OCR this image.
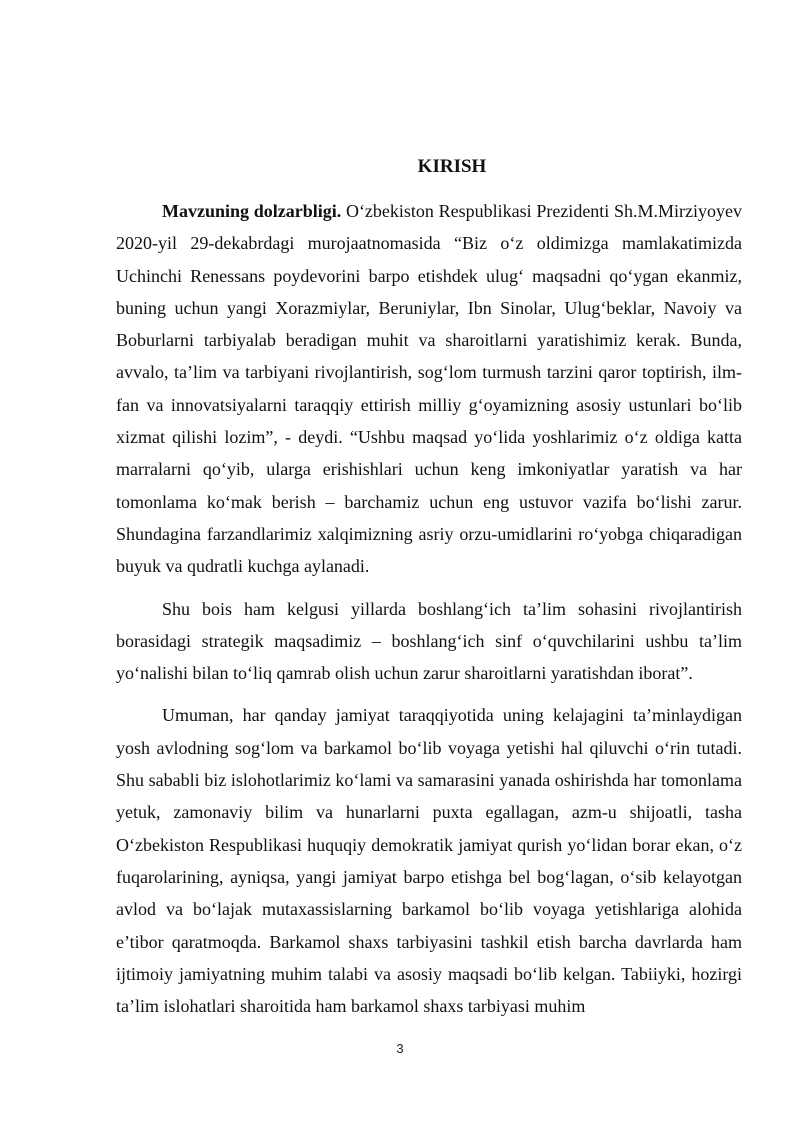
KIRISH

Mavzuning dolzarbligi. O‘zbekiston Respublikasi Prezidenti Sh.M.Mirziyoyev 2020-yil 29-dekabrdagi murojaatnomasida “Biz o‘z oldimizga mamlakatimizda Uchinchi Renessans poydevorini barpo etishdek ulug‘ maqsadni qo‘ygan ekanmiz, buning uchun yangi Xorazmiylar, Beruniylar, Ibn Sinolar, Ulug‘beklar, Navoiy va Boburlarni tarbiyalab beradigan muhit va sharoitlarni yaratishimiz kerak. Bunda, avvalo, ta’lim va tarbiyani rivojlantirish, sog‘lom turmush tarzini qaror toptirish, ilm-fan va innovatsiyalarni taraqqiy ettirish milliy g‘oyamizning asosiy ustunlari bo‘lib xizmat qilishi lozim”, - deydi. “Ushbu maqsad yo‘lida yoshlarimiz o‘z oldiga katta marralarni qo‘yib, ularga erishishlari uchun keng imkoniyatlar yaratish va har tomonlama ko‘mak berish – barchamiz uchun eng ustuvor vazifa bo‘lishi zarur. Shundagina farzandlarimiz xalqimizning asriy orzu-umidlarini ro‘yobga chiqaradigan buyuk va qudratli kuchga aylanadi.

Shu bois ham kelgusi yillarda boshlang‘ich ta’lim sohasini rivojlantirish borasidagi strategik maqsadimiz – boshlang‘ich sinf o‘quvchilarini ushbu ta’lim yo‘nalishi bilan to‘liq qamrab olish uchun zarur sharoitlarni yaratishdan iborat”.

Umuman, har qanday jamiyat taraqqiyotida uning kelajagini ta’minlaydigan yosh avlodning sog‘lom va barkamol bo‘lib voyaga yetishi hal qiluvchi o‘rin tutadi. Shu sababli biz islohotlarimiz ko‘lami va samarasini yanada oshirishda har tomonlama yetuk, zamonaviy bilim va hunarlarni puxta egallagan, azm-u shijoatli, tasha O‘zbekiston Respublikasi huquqiy demokratik jamiyat qurish yo‘lidan borar ekan, o‘z fuqarolarining, ayniqsa, yangi jamiyat barpo etishga bel bog‘lagan, o‘sib kelayotgan avlod va bo‘lajak mutaxassislarning barkamol bo‘lib voyaga yetishlariga alohida e’tibor qaratmoqda. Barkamol shaxs tarbiyasini tashkil etish barcha davrlarda ham ijtimoiy jamiyatning muhim talabi va asosiy maqsadi bo‘lib kelgan. Tabiiyki, hozirgi ta’lim islohatlari sharoitida ham barkamol shaxs tarbiyasi muhim

3
